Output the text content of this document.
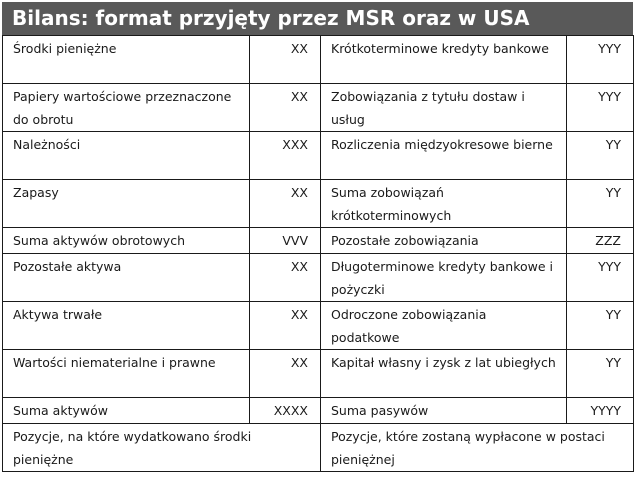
Bilans: format przyjęty przez MSR oraz w USA
Środki pieniężne	XX	Krótkoterminowe kredyty bankowe	YYY

Papiery wartościowe przeznaczone do obrotu	XX	Zobowiązania z tytułu dostaw i usług	YYY

Należności	XXX	Rozliczenia międzyokresowe bierne	YY

Zapasy	XX	Suma zobowiązań krótkoterminowych	YY

Suma aktywów obrotowych	VVV	Pozostałe zobowiązania	ZZZ

Pozostałe aktywa	XX	Długoterminowe kredyty bankowe i pożyczki	YYY

Aktywa trwałe	XX	Odroczone zobowiązania podatkowe	YY

Wartości niematerialne i prawne	XX	Kapitał własny i zysk z lat ubiegłych	YY

Suma aktywów	XXXX	Suma pasywów	YYYY

Pozycje, na które wydatkowano środki pieniężne		Pozycje, które zostaną wypłacone w postaci pieniężnej	
